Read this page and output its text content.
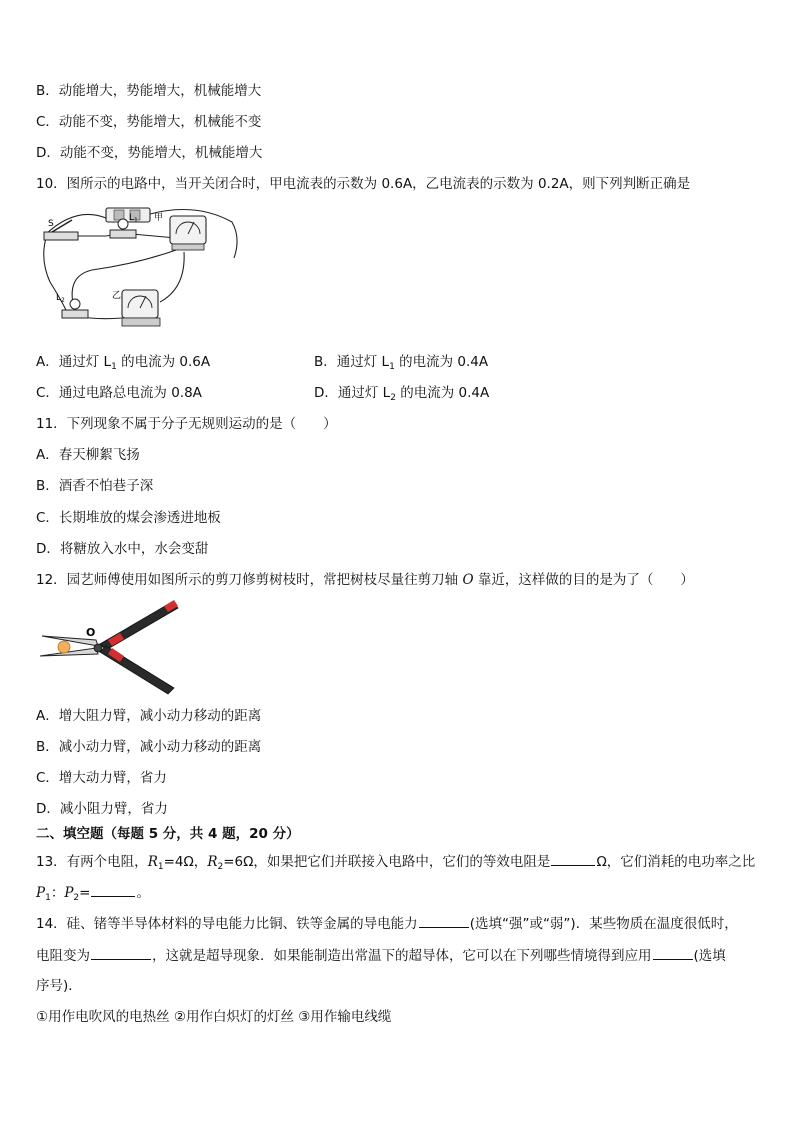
B．动能增大，势能增大，机械能增大
C．动能不变，势能增大，机械能不变
D．动能不变，势能增大，机械能增大
10．图所示的电路中，当开关闭合时，甲电流表的示数为 0.6A，乙电流表的示数为 0.2A，则下列判断正确是
S
$L_1$ 甲
$L_2$	乙
A．通过灯 $L_1$ 的电流为 0.6A	B．通过灯 $L_1$ 的电流为 0.4A
C．通过电路总电流为 0.8A	D．通过灯 $L_2$ 的电流为 0.4A
11．下列现象不属于分子无规则运动的是（　　）
A．春天柳絮飞扬
B．酒香不怕巷子深
C．长期堆放的煤会渗透进地板
D．将糖放入水中，水会变甜
12．园艺师傅使用如图所示的剪刀修剪树枝时，常把树枝尽量往剪刀轴 O 靠近，这样做的目的是为了（　　）
O
A．增大阻力臂，减小动力移动的距离
B．减小动力臂，减小动力移动的距离
C．增大动力臂，省力
D．减小阻力臂，省力
二、填空题（每题 5 分，共 4 题，20 分）
13．有两个电阻，$R_1=4\Omega$，$R_2=6\Omega$，如果把它们并联接入电路中，它们的等效电阻是	Ω，它们消耗的电功率之比
$P_1$：$P_2=$	。
14．硅、锗等半导体材料的导电能力比铜、铁等金属的导电能力	(选填“强”或“弱”)．某些物质在温度很低时，
电阻变为	，这就是超导现象．如果能制造出常温下的超导体，它可以在下列哪些情境得到应用	(选填
序号)．
①用作电吹风的电热丝 ②用作白炽灯的灯丝 ③用作输电线缆
